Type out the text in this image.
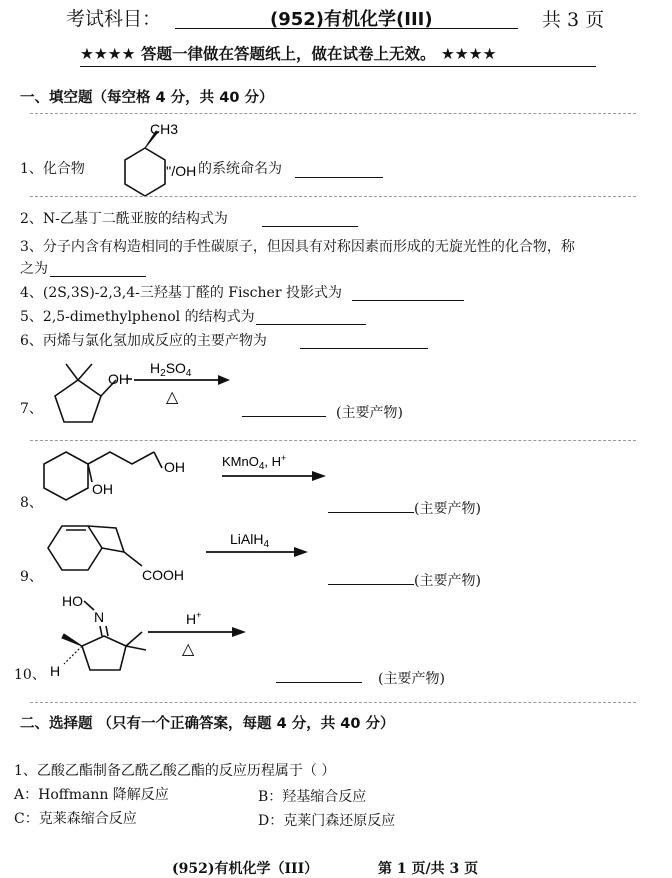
考试科目：	(952)有机化学(III)	共 3 页
★★★★ 答题一律做在答题纸上，做在试卷上无效。 ★★★★
一、填空题（每空格 4 分，共 40 分）
1、化合物
CH3
''/OH 的系统命名为
2、N-乙基丁二酰亚胺的结构式为
3、分子内含有构造相同的手性碳原子，但因具有对称因素而形成的无旋光性的化合物，称
之为
4、(2S,3S)-2,3,4-三羟基丁醛的 Fischer 投影式为
5、2,5-dimethylphenol 的结构式为
6、丙烯与氯化氢加成反应的主要产物为
7、
OH
$H_2SO_4$
△
(主要产物)
8、
OH
OH	KMnO$_4$, H+
(主要产物)
9、	COOH
LiAlH$_4$
(主要产物)
10、
HO
N
H
H+
△
(主要产物)
二、选择题 （只有一个正确答案，每题 4 分，共 40 分）
1、乙酸乙酯制备乙酰乙酸乙酯的反应历程属于（ ）
A：Hoffmann 降解反应	B：羟基缩合反应
C：克莱森缩合反应	D：克莱门森还原反应
(952)有机化学（III）	第 1 页/共 3 页
